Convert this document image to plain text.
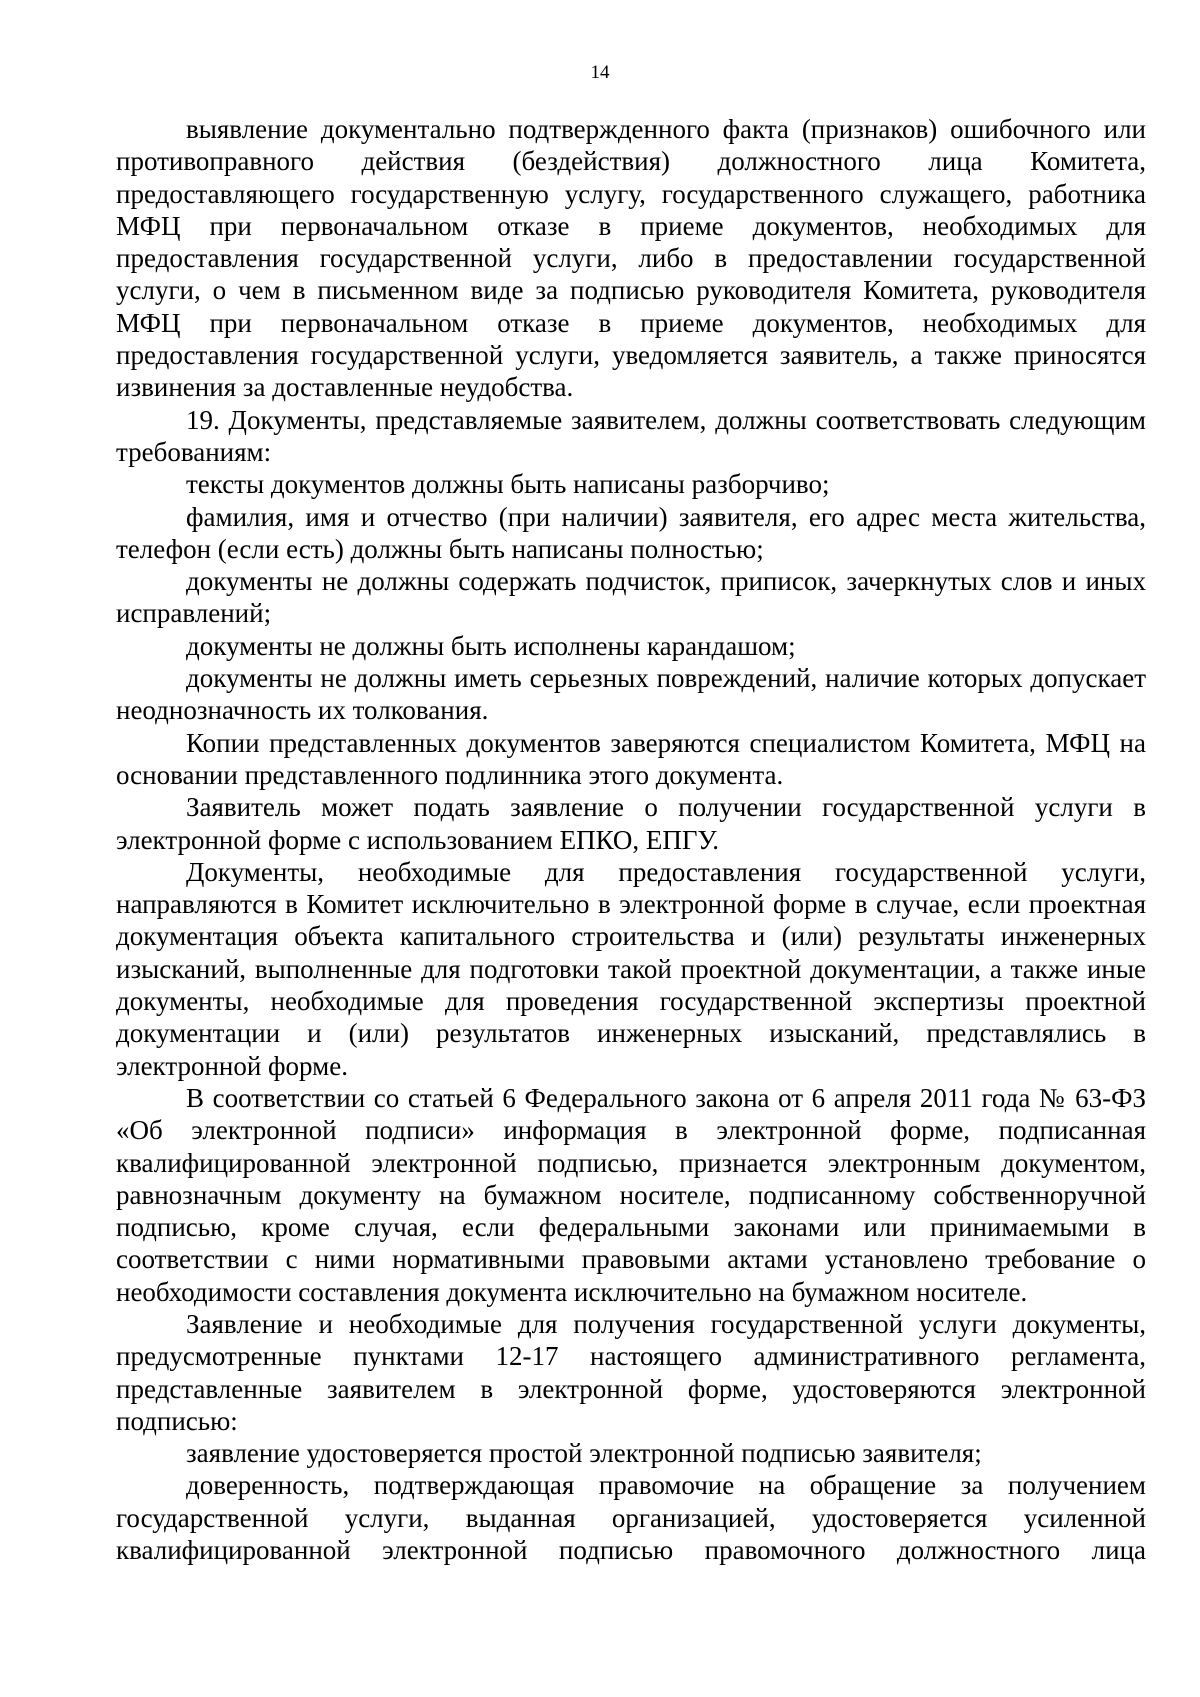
14

выявление документально подтвержденного факта (признаков) ошибочного или противоправного действия (бездействия) должностного лица Комитета, предоставляющего государственную услугу, государственного служащего, работника МФЦ при первоначальном отказе в приеме документов, необходимых для предоставления государственной услуги, либо в предоставлении государственной услуги, о чем в письменном виде за подписью руководителя Комитета, руководителя МФЦ при первоначальном отказе в приеме документов, необходимых для предоставления государственной услуги, уведомляется заявитель, а также приносятся извинения за доставленные неудобства.

19. Документы, представляемые заявителем, должны соответствовать следующим требованиям:

тексты документов должны быть написаны разборчиво;

фамилия, имя и отчество (при наличии) заявителя, его адрес места жительства, телефон (если есть) должны быть написаны полностью;

документы не должны содержать подчисток, приписок, зачеркнутых слов и иных исправлений;

документы не должны быть исполнены карандашом;

документы не должны иметь серьезных повреждений, наличие которых допускает неоднозначность их толкования.

Копии представленных документов заверяются специалистом Комитета, МФЦ на основании представленного подлинника этого документа.

Заявитель может подать заявление о получении государственной услуги в электронной форме с использованием ЕПКО, ЕПГУ.

Документы, необходимые для предоставления государственной услуги, направляются в Комитет исключительно в электронной форме в случае, если проектная документация объекта капитального строительства и (или) результаты инженерных изысканий, выполненные для подготовки такой проектной документации, а также иные документы, необходимые для проведения государственной экспертизы проектной документации и (или) результатов инженерных изысканий, представлялись в электронной форме.

В соответствии со статьей 6 Федерального закона от 6 апреля 2011 года № 63-ФЗ «Об электронной подписи» информация в электронной форме, подписанная квалифицированной электронной подписью, признается электронным документом, равнозначным документу на бумажном носителе, подписанному собственноручной подписью, кроме случая, если федеральными законами или принимаемыми в соответствии с ними нормативными правовыми актами установлено требование о необходимости составления документа исключительно на бумажном носителе.

Заявление и необходимые для получения государственной услуги документы, предусмотренные пунктами 12-17 настоящего административного регламента, представленные заявителем в электронной форме, удостоверяются электронной подписью:

заявление удостоверяется простой электронной подписью заявителя;

доверенность, подтверждающая правомочие на обращение за получением государственной услуги, выданная организацией, удостоверяется усиленной квалифицированной электронной подписью правомочного должностного лица
